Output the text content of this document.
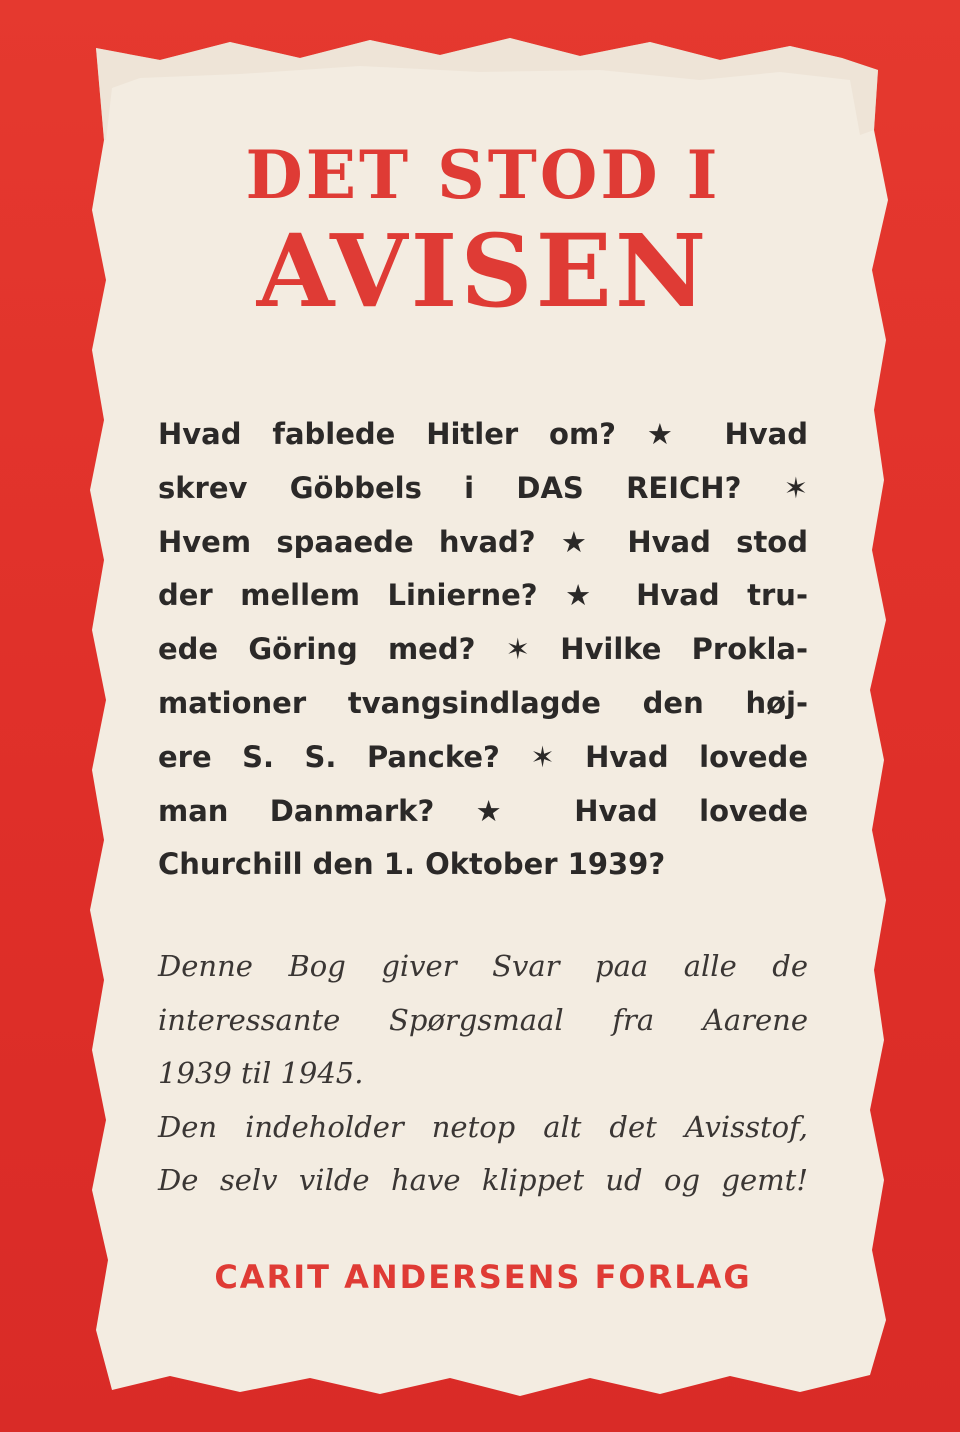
DET STOD I
AVISEN
Hvad fablede Hitler om? ★ Hvad
skrev Göbbels i DAS REICH? ✶
Hvem spaaede hvad? ★ Hvad stod
der mellem Linierne? ★ Hvad tru-
ede Göring med? ✶ Hvilke Prokla-
mationer tvangsindlagde den høj-
ere S. S. Pancke? ✶ Hvad lovede
man Danmark? ★ Hvad lovede
Churchill den 1. Oktober 1939?
Denne Bog giver Svar paa alle de
interessante Spørgsmaal fra Aarene
1939 til 1945.
Den indeholder netop alt det Avisstof,
De selv vilde have klippet ud og gemt!
CARIT ANDERSENS FORLAG
